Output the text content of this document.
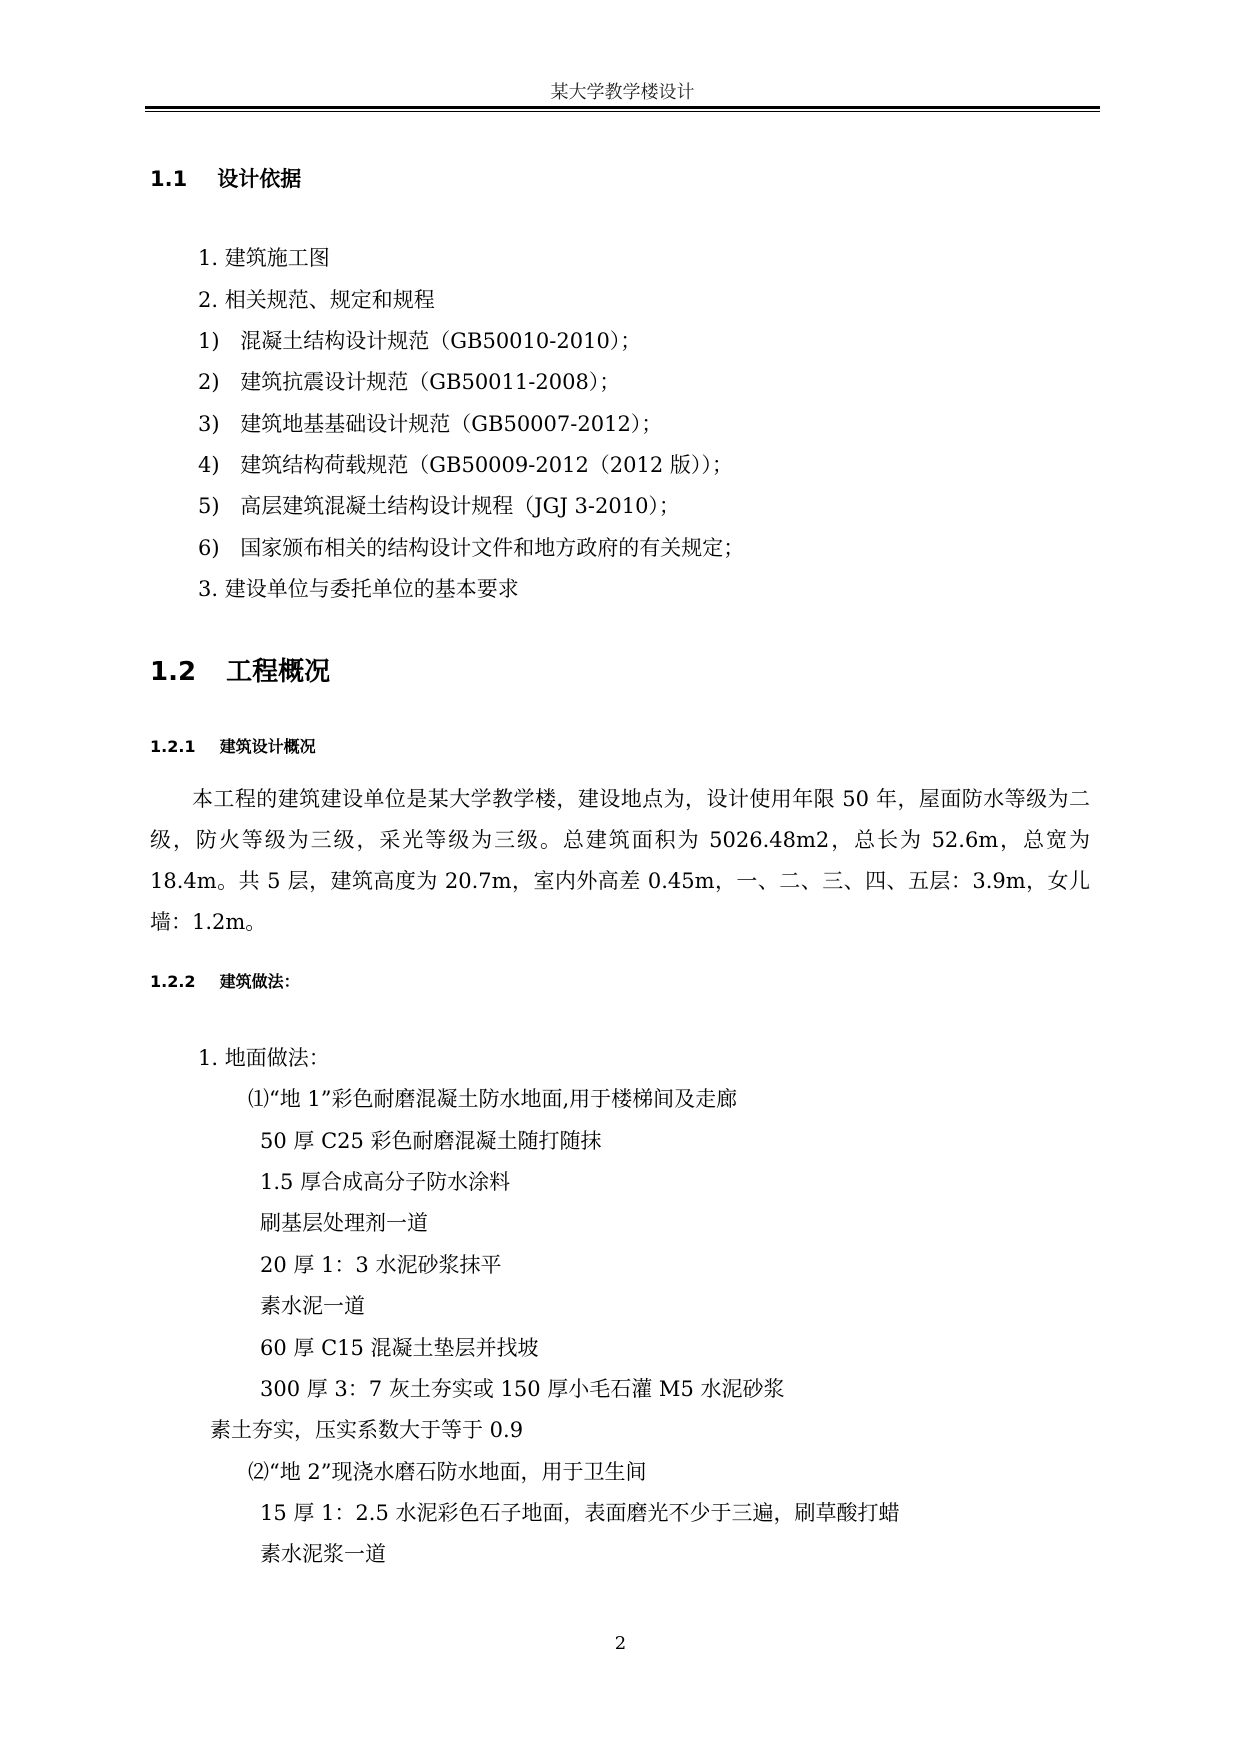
某大学教学楼设计
1.1 设计依据
1. 建筑施工图
2. 相关规范、规定和规程
1) 混凝土结构设计规范（GB50010-2010）；
2) 建筑抗震设计规范（GB50011-2008）；
3) 建筑地基基础设计规范（GB50007-2012）；
4) 建筑结构荷载规范（GB50009-2012（2012 版））；
5) 高层建筑混凝土结构设计规程（JGJ 3-2010）；
6) 国家颁布相关的结构设计文件和地方政府的有关规定；
3. 建设单位与委托单位的基本要求
1.2 工程概况
1.2.1 建筑设计概况
本工程的建筑建设单位是某大学教学楼，建设地点为，设计使用年限 50 年，屋面防水等级为二级，防火等级为三级，采光等级为三级。总建筑面积为 5026.48m2，总长为 52.6m，总宽为 18.4m。共 5 层，建筑高度为 20.7m，室内外高差 0.45m，一、二、三、四、五层：3.9m，女儿墙：1.2m。
1.2.2 建筑做法：
1. 地面做法：
⑴“地 1”彩色耐磨混凝土防水地面,用于楼梯间及走廊
50 厚 C25 彩色耐磨混凝土随打随抹
1.5 厚合成高分子防水涂料
刷基层处理剂一道
20 厚 1：3 水泥砂浆抹平
素水泥一道
60 厚 C15 混凝土垫层并找坡
300 厚 3：7 灰土夯实或 150 厚小毛石灌 M5 水泥砂浆
素土夯实，压实系数大于等于 0.9
⑵“地 2”现浇水磨石防水地面，用于卫生间
15 厚 1：2.5 水泥彩色石子地面，表面磨光不少于三遍，刷草酸打蜡
素水泥浆一道
2
